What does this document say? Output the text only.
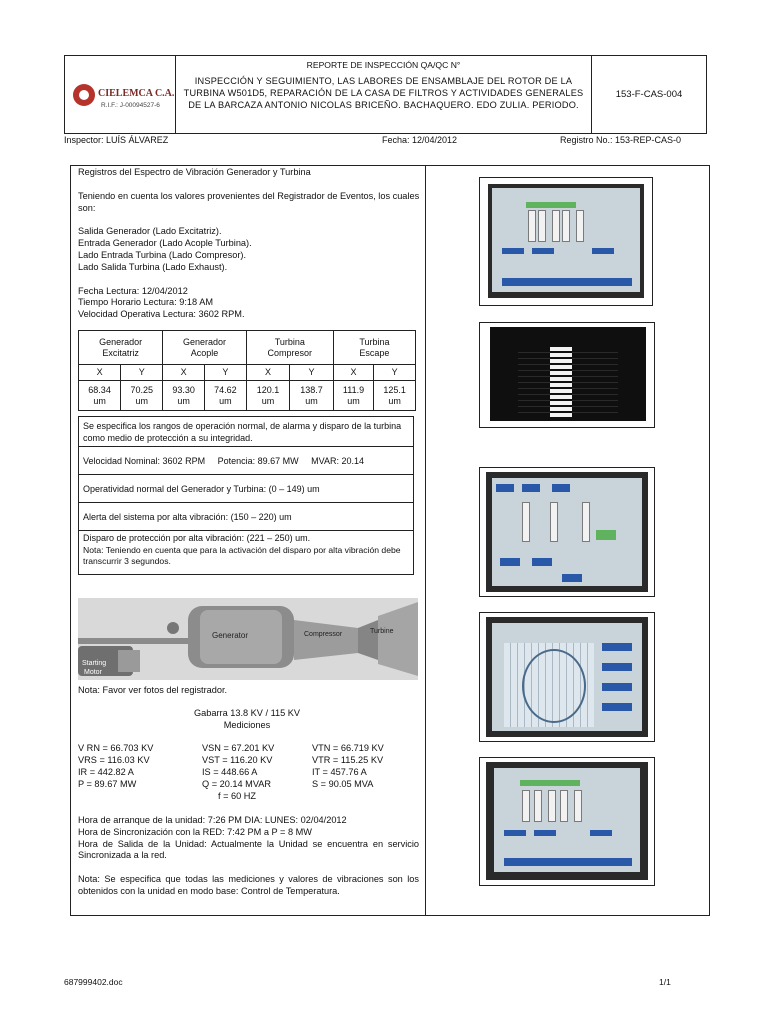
CIELEMCA C.A.
R.I.F.: J-00094527-6
REPORTE DE INSPECCIÓN QA/QC N°
INSPECCIÓN Y SEGUIMIENTO, LAS LABORES DE ENSAMBLAJE DEL ROTOR DE LA TURBINA W501D5, REPARACIÓN DE LA CASA DE FILTROS Y ACTIVIDADES GENERALES DE LA BARCAZA ANTONIO NICOLAS BRICEÑO. BACHAQUERO. EDO ZULIA. PERIODO.
153-F-CAS-004
Inspector: LUÍS ÁLVAREZ	Fecha: 12/04/2012	Registro No.: 153-REP-CAS-0
Registros del Espectro de Vibración Generador y Turbina
Teniendo en cuenta los valores provenientes del Registrador de Eventos, los cuales son:
Salida Generador (Lado Excitatriz).
Entrada Generador (Lado Acople Turbina).
Lado Entrada Turbina (Lado Compresor).
Lado Salida Turbina (Lado Exhaust).
Fecha Lectura: 12/04/2012
Tiempo Horario Lectura: 9:18 AM
Velocidad Operativa Lectura: 3602 RPM.
Generador Excitatriz		Generador Acople		Turbina Compresor		Turbina Escape	
X	Y	X	Y	X	Y	X	Y
68.34 um	70.25 um	93.30 um	74.62 um	120.1 um	138.7 um	111.9 um	125.1 um
Se especifica los rangos de operación normal, de alarma y disparo de la turbina como medio de protección a su integridad.
Velocidad Nominal: 3602 RPM     Potencia: 89.67 MW     MVAR: 20.14
Operatividad normal del Generador y Turbina: (0 – 149) um
Alerta del sistema por alta vibración: (150 – 220) um
Disparo de protección por alta vibración: (221 – 250) um.
Nota: Teniendo en cuenta que para la activación del disparo por alta vibración debe transcurrir 3 segundos.
Generator	Compressor	Turbine
Starting
Motor
Nota: Favor ver fotos del registrador.
Gabarra 13.8 KV / 115 KV
Mediciones
V RN = 66.703 KV	VSN = 67.201 KV	VTN = 66.719 KV
VRS = 116.03 KV	VST = 116.20 KV	VTR = 115.25 KV
IR = 442.82 A	IS = 448.66 A	IT = 457.76 A
P = 89.67 MW	Q = 20.14 MVAR	S = 90.05 MVA
f = 60 HZ
Hora de arranque de la unidad: 7:26 PM DIA: LUNES: 02/04/2012
Hora de Sincronización con la RED: 7:42 PM a P = 8 MW
Hora de Salida de la Unidad: Actualmente la Unidad se encuentra en servicio Sincronizada a la red.
Nota: Se especifica que todas las mediciones y valores de vibraciones son los obtenidos con la unidad en modo base: Control de Temperatura.
687999402.doc	1/1
